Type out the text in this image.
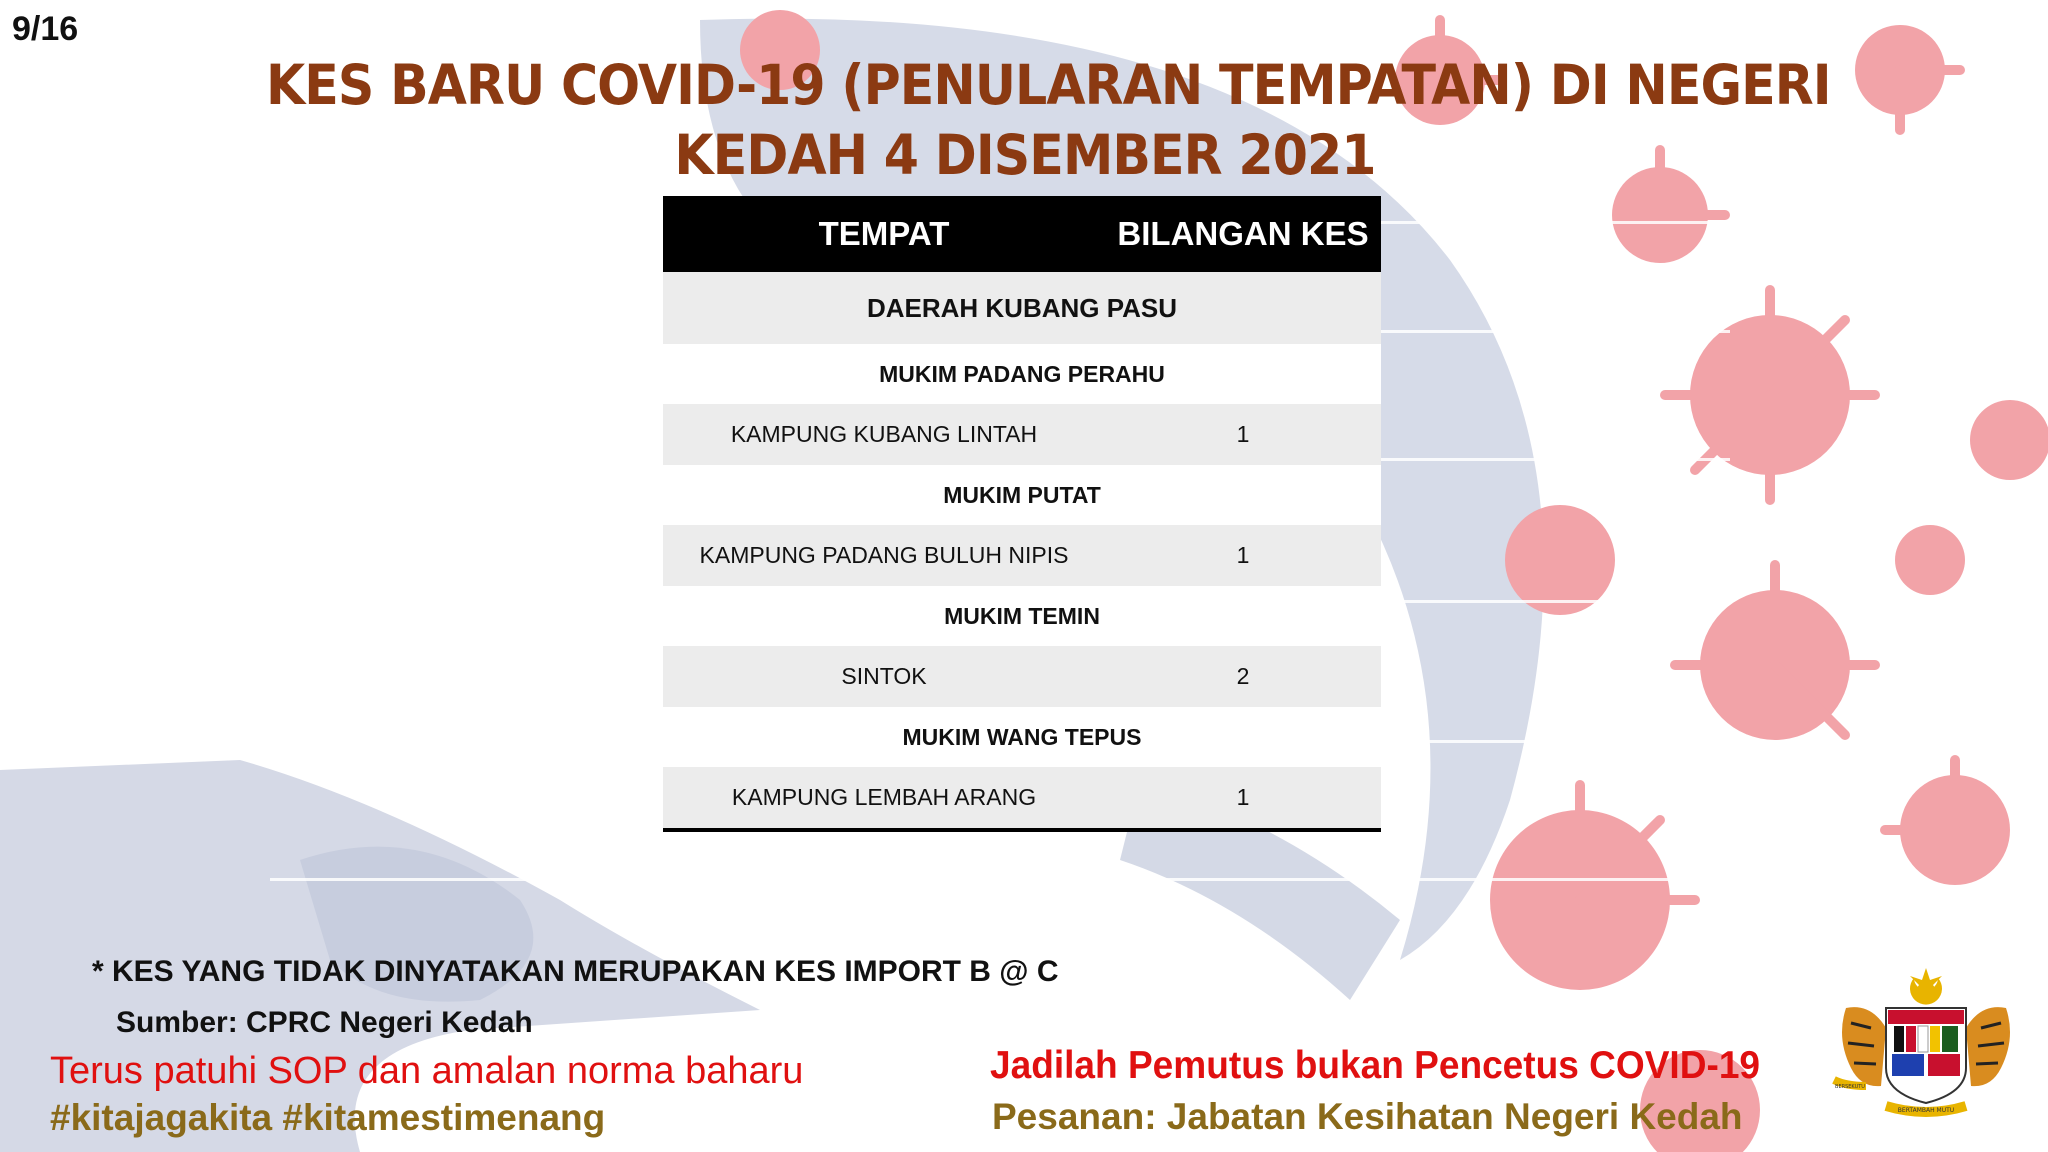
9/16
KES BARU COVID-19 (PENULARAN TEMPATAN) DI NEGERI
KEDAH 4 DISEMBER 2021
TEMPAT	BILANGAN KES
DAERAH KUBANG PASU	
MUKIM PADANG PERAHU	
KAMPUNG KUBANG LINTAH	1
MUKIM PUTAT	
KAMPUNG PADANG BULUH NIPIS	1
MUKIM TEMIN	
SINTOK	2
MUKIM WANG TEPUS	
KAMPUNG LEMBAH ARANG	1
* KES YANG TIDAK DINYATAKAN MERUPAKAN KES IMPORT B @ C
Sumber: CPRC Negeri Kedah
Terus patuhi SOP dan amalan norma baharu
#kitajagakita #kitamestimenang
Jadilah Pemutus bukan Pencetus COVID-19
Pesanan: Jabatan Kesihatan Negeri Kedah	BERTAMBAH MUTU
BERSEKUTU
